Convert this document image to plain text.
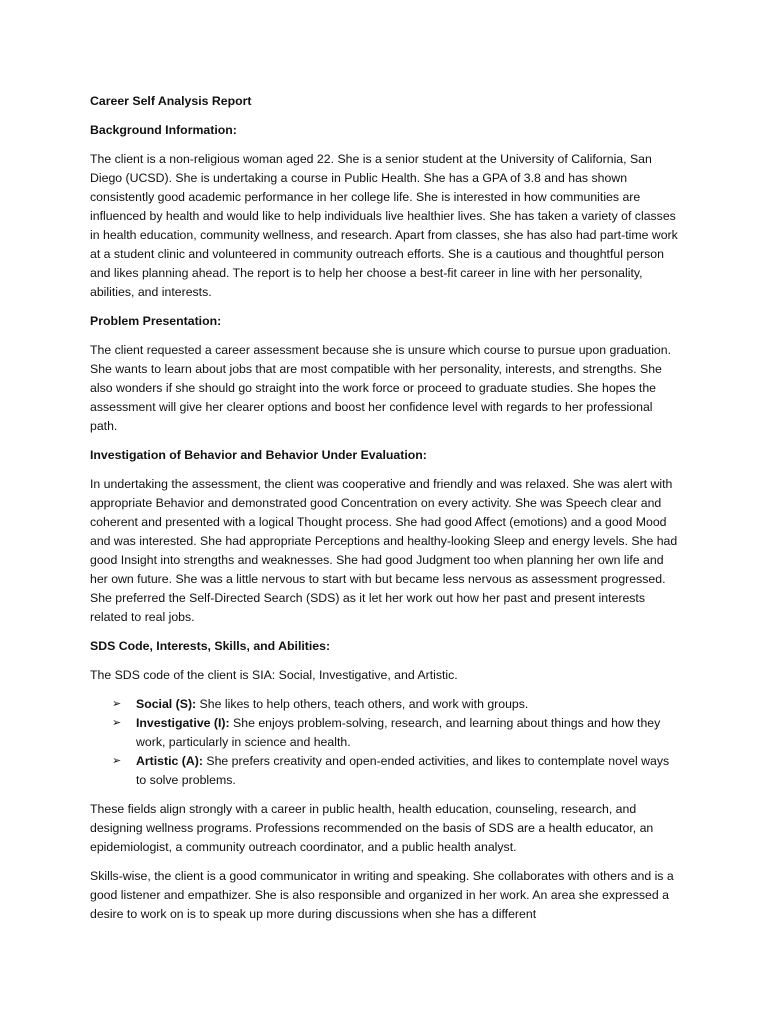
Career Self Analysis Report

Background Information:

The client is a non-religious woman aged 22. She is a senior student at the University of California, San Diego (UCSD). She is undertaking a course in Public Health. She has a GPA of 3.8 and has shown consistently good academic performance in her college life. She is interested in how communities are influenced by health and would like to help individuals live healthier lives. She has taken a variety of classes in health education, community wellness, and research. Apart from classes, she has also had part-time work at a student clinic and volunteered in community outreach efforts. She is a cautious and thoughtful person and likes planning ahead. The report is to help her choose a best-fit career in line with her personality, abilities, and interests.

Problem Presentation:

The client requested a career assessment because she is unsure which course to pursue upon graduation. She wants to learn about jobs that are most compatible with her personality, interests, and strengths. She also wonders if she should go straight into the work force or proceed to graduate studies. She hopes the assessment will give her clearer options and boost her confidence level with regards to her professional path.

Investigation of Behavior and Behavior Under Evaluation:

In undertaking the assessment, the client was cooperative and friendly and was relaxed. She was alert with appropriate Behavior and demonstrated good Concentration on every activity. She was Speech clear and coherent and presented with a logical Thought process. She had good Affect (emotions) and a good Mood and was interested. She had appropriate Perceptions and healthy-looking Sleep and energy levels. She had good Insight into strengths and weaknesses. She had good Judgment too when planning her own life and her own future. She was a little nervous to start with but became less nervous as assessment progressed. She preferred the Self-Directed Search (SDS) as it let her work out how her past and present interests related to real jobs.

SDS Code, Interests, Skills, and Abilities:

The SDS code of the client is SIA: Social, Investigative, and Artistic.

➢ Social (S): She likes to help others, teach others, and work with groups.
➢ Investigative (I): She enjoys problem-solving, research, and learning about things and how they work, particularly in science and health.
➢ Artistic (A): She prefers creativity and open-ended activities, and likes to contemplate novel ways to solve problems.

These fields align strongly with a career in public health, health education, counseling, research, and designing wellness programs. Professions recommended on the basis of SDS are a health educator, an epidemiologist, a community outreach coordinator, and a public health analyst.

Skills-wise, the client is a good communicator in writing and speaking. She collaborates with others and is a good listener and empathizer. She is also responsible and organized in her work. An area she expressed a desire to work on is to speak up more during discussions when she has a different
